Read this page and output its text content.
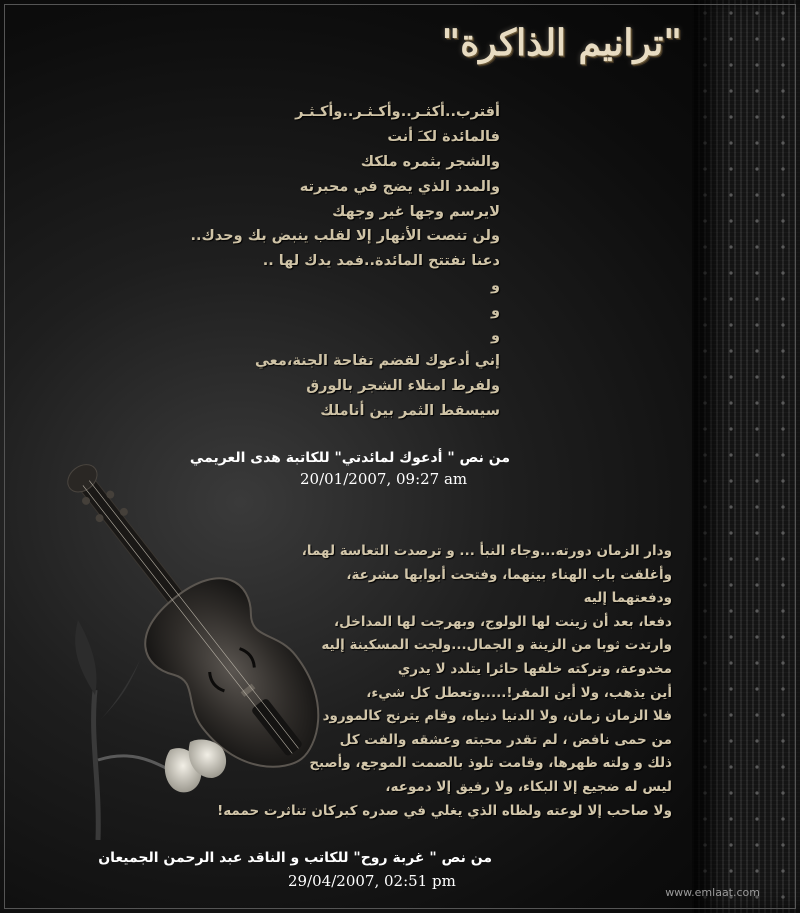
"ترانيم الذاكرة"
أقترب..أكثـر..وأكـثـر..وأكـثـر
فالمائدة لكـَ أنت
والشجر بثمره ملكك
والمدد الذي يضج في محبرته
لايرسم وجها غير وجهك
ولن تنصت الأنهار إلا لقلب ينبض بك وحدك..
دعنا نفتتح المائدة..فمد يدك لها ..
و
و
و
إني أدعوك لقضم تفاحة الجنة،معي
ولفرط امتلاء الشجر بالورق
سيسقط الثمر بين أناملك
من نص " أدعوك لمائدتي" للكاتبة هدى العريمي
20/01/2007, 09:27 am
ودار الزمان دورته...وجاء النبأ ... و ترصدت التعاسة لهما،
وأغلقت باب الهناء بينهما، وفتحت أبوابها مشرعة،
ودفعتهما إليه
دفعا، بعد أن زينت لها الولوج، وبهرجت لها المداخل،
وارتدت ثوبا من الزينة و الجمال...ولجت المسكينة إليه
مخدوعة، وتركته خلفها حائرا يتلدد لا يدري
أين يذهب، ولا أين المفر!.....وتعطل كل شيء،
فلا الزمان زمان، ولا الدنيا دنياه، وقام يترنح كالمورود
من حمى نافض ، لم تقدر محبته وعشقه والفت كل
ذلك و ولته ظهرها، وقامت تلوذ بالصمت الموجع، وأصبح
ليس له ضجيع إلا البكاء، ولا رفيق إلا دموعه،
ولا صاحب إلا لوعته ولظاه الذي يغلي في صدره كبركان تناثرت حممه!
من نص " غربة روح" للكاتب و الناقد عبد الرحمن الجميعان
29/04/2007, 02:51 pm
www.emlaat.com
